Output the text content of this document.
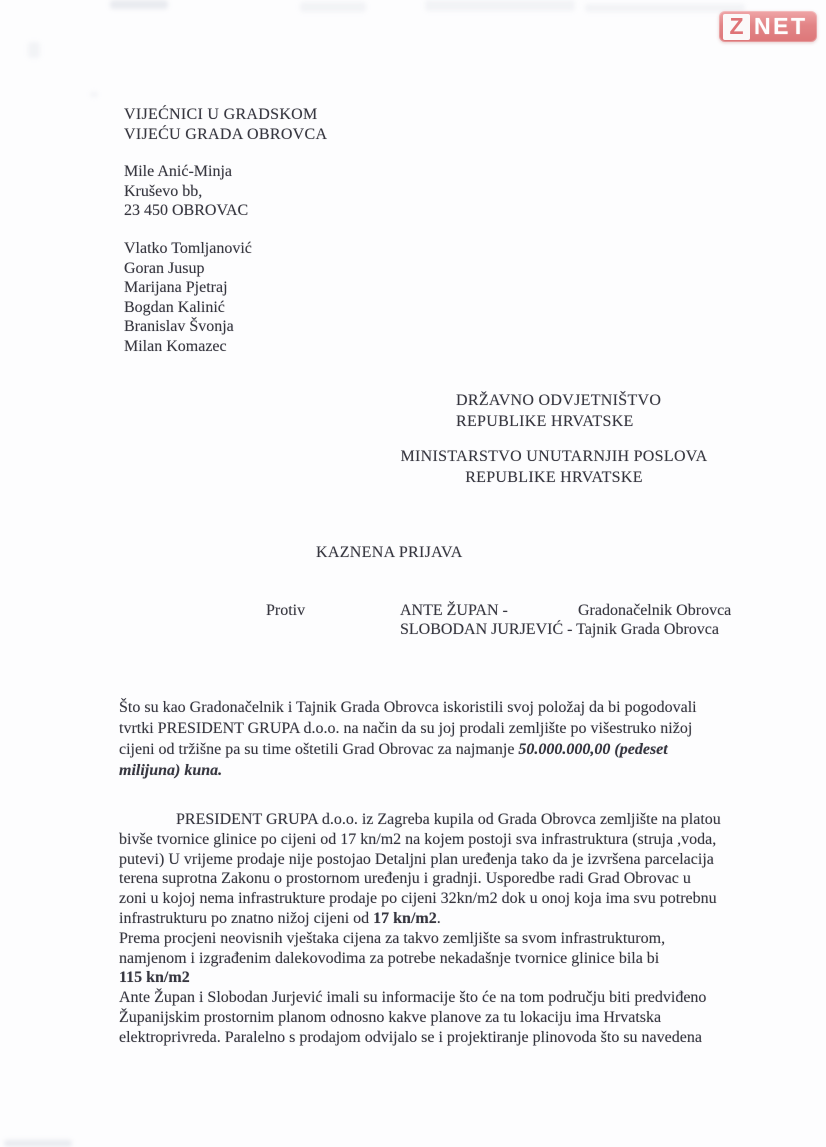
Z NET
VIJEĆNICI U GRADSKOM
VIJEĆU GRADA OBROVCA
Mile Anić-Minja
Kruševo bb,
23 450 OBROVAC
Vlatko Tomljanović
Goran Jusup
Marijana Pjetraj
Bogdan Kalinić
Branislav Švonja
Milan Komazec
DRŽAVNO ODVJETNIŠTVO
REPUBLIKE HRVATSKE
MINISTARSTVO UNUTARNJIH POSLOVA
REPUBLIKE HRVATSKE
KAZNENA PRIJAVA
Protiv	ANTE ŽUPAN -	Gradonačelnik Obrovca
SLOBODAN JURJEVIĆ - Tajnik Grada Obrovca
Što su kao Gradonačelnik i Tajnik Grada Obrovca iskoristili svoj položaj da bi pogodovali
tvrtki PRESIDENT GRUPA d.o.o. na način da su joj prodali zemljište po višestruko nižoj
cijeni od tržišne pa su time oštetili Grad Obrovac za najmanje 50.000.000,00 (pedeset
milijuna) kuna.
PRESIDENT GRUPA d.o.o. iz Zagreba kupila od Grada Obrovca zemljište na platou
bivše tvornice glinice po cijeni od 17 kn/m2 na kojem postoji sva infrastruktura (struja ,voda,
putevi) U vrijeme prodaje nije postojao Detaljni plan uređenja tako da je izvršena parcelacija
terena suprotna Zakonu o prostornom uređenju i gradnji. Usporedbe radi Grad Obrovac u
zoni u kojoj nema infrastrukture prodaje po cijeni 32kn/m2 dok u onoj koja ima svu potrebnu
infrastrukturu po znatno nižoj cijeni od 17 kn/m2.
Prema procjeni neovisnih vještaka cijena za takvo zemljište sa svom infrastrukturom,
namjenom i izgrađenim dalekovodima za potrebe nekadašnje tvornice glinice bila bi
115 kn/m2
Ante Župan i Slobodan Jurjević imali su informacije što će na tom području biti predviđeno
Županijskim prostornim planom odnosno kakve planove za tu lokaciju ima Hrvatska
elektroprivreda. Paralelno s prodajom odvijalo se i projektiranje plinovoda što su navedena
